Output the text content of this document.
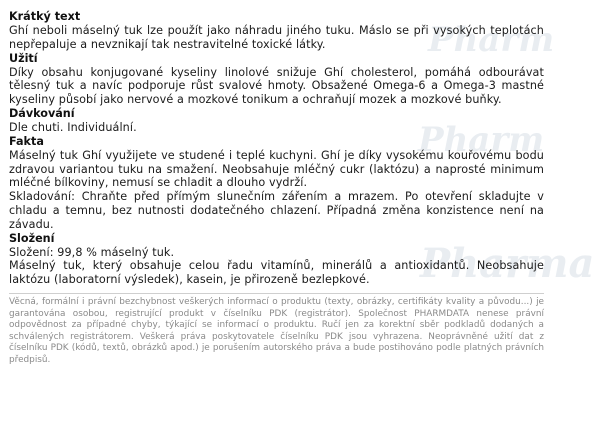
Pharm
Pharm
Pharma
Krátký text

Ghí neboli máselný tuk lze použít jako náhradu jiného tuku. Máslo se při vysokých teplotách nepřepaluje a nevznikají tak nestravitelné toxické látky.

Užití

Díky obsahu konjugované kyseliny linolové snižuje Ghí cholesterol, pomáhá odbourávat tělesný tuk a navíc podporuje růst svalové hmoty. Obsažené Omega-6 a Omega-3 mastné kyseliny působí jako nervové a mozkové tonikum a ochraňují mozek a mozkové buňky.

Dávkování

Dle chuti. Individuální.

Fakta

Máselný tuk Ghí využijete ve studené i teplé kuchyni. Ghí je díky vysokému kouřovému bodu zdravou variantou tuku na smažení. Neobsahuje mléčný cukr (laktózu) a naprosté minimum mléčné bílkoviny, nemusí se chladit a dlouho vydrží.

Skladování: Chraňte před přímým slunečním zářením a mrazem. Po otevření skladujte v chladu a temnu, bez nutnosti dodatečného chlazení. Případná změna konzistence není na závadu.

Složení

Složení: 99,8 % máselný tuk.

Máselný tuk, který obsahuje celou řadu vitamínů, minerálů a antioxidantů. Neobsahuje laktózu (laboratorní výsledek), kasein, je přirozeně bezlepkové.

Věcná, formální i právní bezchybnost veškerých informací o produktu (texty, obrázky, certifikáty kvality a původu...) je garantována osobou, registrující produkt v číselníku PDK (registrátor). Společnost PHARMDATA nenese právní odpovědnost za případné chyby, týkající se informací o produktu. Ručí jen za korektní sběr podkladů dodaných a schválených registrátorem. Veškerá práva poskytovatele číselníku PDK jsou vyhrazena. Neoprávněné užití dat z číselníku PDK (kódů, textů, obrázků apod.) je porušením autorského práva a bude postihováno podle platných právních předpisů.
